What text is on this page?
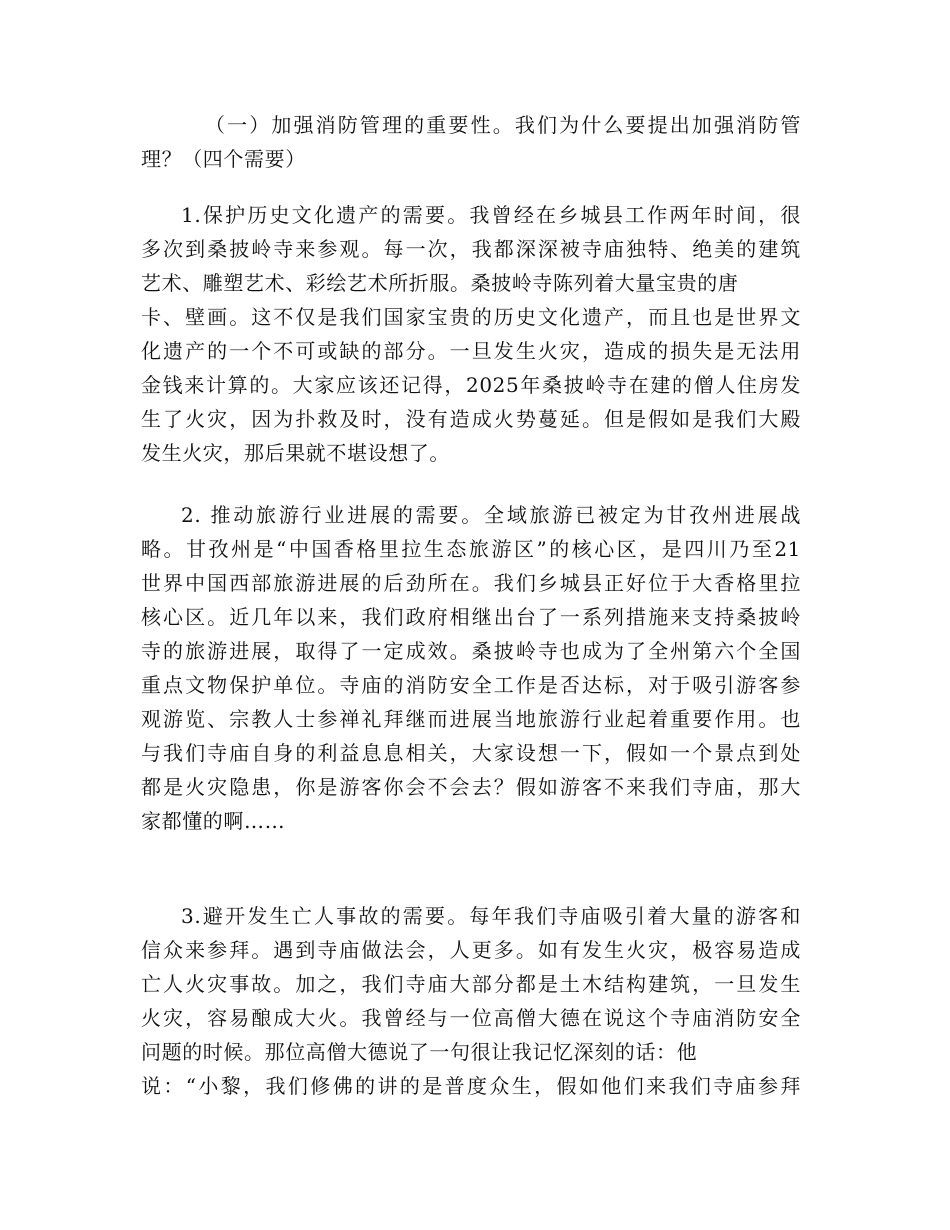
（一）加强消防管理的重要性。我们为什么要提出加强消防管
理？（四个需要）
1.保护历史文化遗产的需要。我曾经在乡城县工作两年时间，很
多次到桑披岭寺来参观。每一次，我都深深被寺庙独特、绝美的建筑
艺术、雕塑艺术、彩绘艺术所折服。桑披岭寺陈列着大量宝贵的唐
卡、壁画。这不仅是我们国家宝贵的历史文化遗产，而且也是世界文
化遗产的一个不可或缺的部分。一旦发生火灾，造成的损失是无法用
金钱来计算的。大家应该还记得，2025年桑披岭寺在建的僧人住房发
生了火灾，因为扑救及时，没有造成火势蔓延。但是假如是我们大殿
发生火灾，那后果就不堪设想了。
2. 推动旅游行业进展的需要。全域旅游已被定为甘孜州进展战
略。甘孜州是“中国香格里拉生态旅游区”的核心区，是四川乃至21
世界中国西部旅游进展的后劲所在。我们乡城县正好位于大香格里拉
核心区。近几年以来，我们政府相继出台了一系列措施来支持桑披岭
寺的旅游进展，取得了一定成效。桑披岭寺也成为了全州第六个全国
重点文物保护单位。寺庙的消防安全工作是否达标，对于吸引游客参
观游览、宗教人士参禅礼拜继而进展当地旅游行业起着重要作用。也
与我们寺庙自身的利益息息相关，大家设想一下，假如一个景点到处
都是火灾隐患，你是游客你会不会去？假如游客不来我们寺庙，那大
家都懂的啊……
3.避开发生亡人事故的需要。每年我们寺庙吸引着大量的游客和
信众来参拜。遇到寺庙做法会，人更多。如有发生火灾，极容易造成
亡人火灾事故。加之，我们寺庙大部分都是土木结构建筑，一旦发生
火灾，容易酿成大火。我曾经与一位高僧大德在说这个寺庙消防安全
问题的时候。那位高僧大德说了一句很让我记忆深刻的话：他
说：“小黎，我们修佛的讲的是普度众生，假如他们来我们寺庙参拜
